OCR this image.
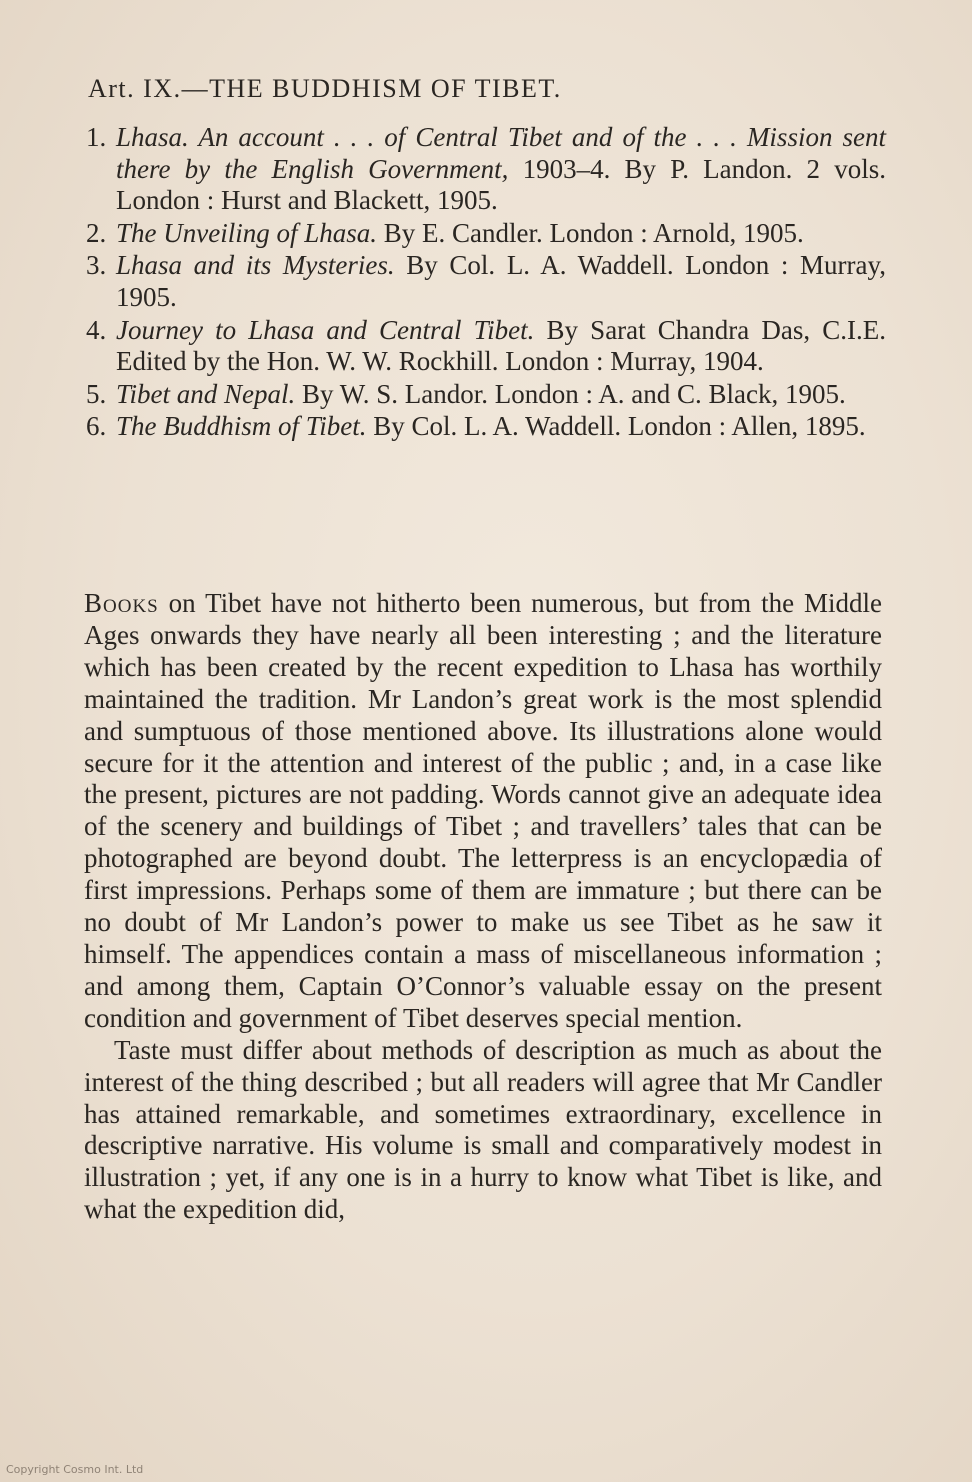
Art. IX.—THE BUDDHISM OF TIBET.
1. Lhasa. An account . . . of Central Tibet and of the . . . Mission sent there by the English Government, 1903–4. By P. Landon. 2 vols. London : Hurst and Blackett, 1905.
2. The Unveiling of Lhasa. By E. Candler. London : Arnold, 1905.
3. Lhasa and its Mysteries. By Col. L. A. Waddell. London : Murray, 1905.
4. Journey to Lhasa and Central Tibet. By Sarat Chandra Das, C.I.E. Edited by the Hon. W. W. Rockhill. London : Murray, 1904.
5. Tibet and Nepal. By W. S. Landor. London : A. and C. Black, 1905.
6. The Buddhism of Tibet. By Col. L. A. Waddell. London : Allen, 1895.

Books on Tibet have not hitherto been numerous, but from the Middle Ages onwards they have nearly all been interesting ; and the literature which has been created by the recent expedition to Lhasa has worthily maintained the tradition. Mr Landon’s great work is the most splendid and sumptuous of those mentioned above. Its illustrations alone would secure for it the attention and interest of the public ; and, in a case like the present, pictures are not padding. Words cannot give an adequate idea of the scenery and buildings of Tibet ; and travellers’ tales that can be photographed are beyond doubt. The letterpress is an encyclopædia of first impressions. Perhaps some of them are immature ; but there can be no doubt of Mr Landon’s power to make us see Tibet as he saw it himself. The appendices contain a mass of miscellaneous information ; and among them, Captain O’Connor’s valuable essay on the present condition and government of Tibet deserves special mention.

Taste must differ about methods of description as much as about the interest of the thing described ; but all readers will agree that Mr Candler has attained remarkable, and sometimes extraordinary, excellence in descriptive narrative. His volume is small and comparatively modest in illustration ; yet, if any one is in a hurry to know what Tibet is like, and what the expedition did,

Copyright Cosmo Int. Ltd
